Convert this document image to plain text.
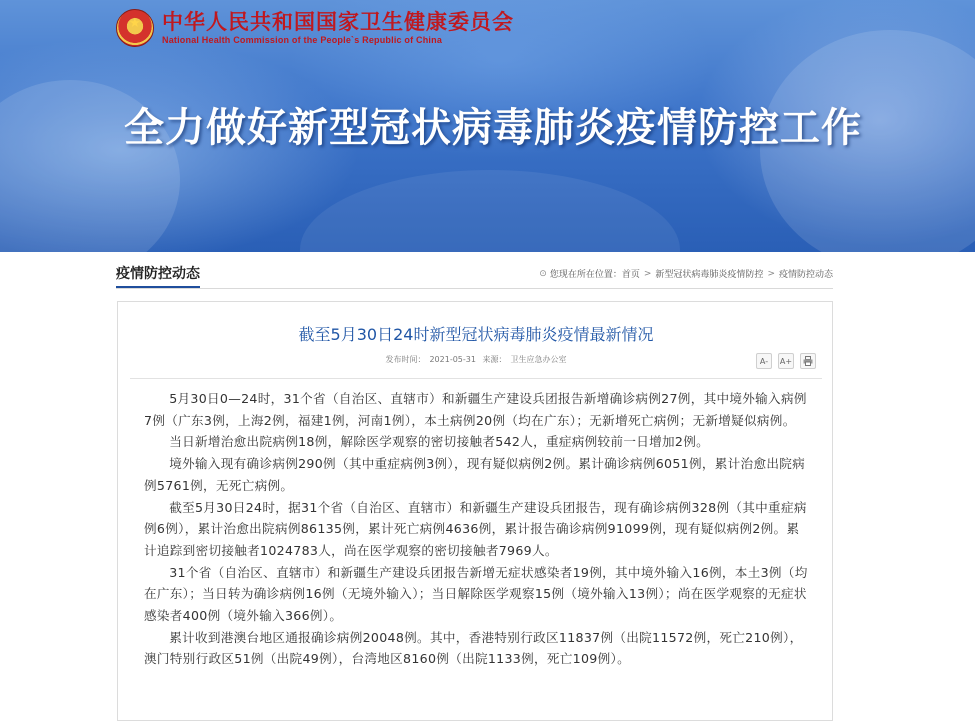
★
中华人民共和国国家卫生健康委员会
National Health Commission of the People`s Republic of China
全力做好新型冠状病毒肺炎疫情防控工作
疫情防控动态	⊙ 您现在所在位置： 首页 > 新型冠状病毒肺炎疫情防控 > 疫情防控动态
截至5月30日24时新型冠状病毒肺炎疫情最新情况
发布时间： 2021-05-31 来源： 卫生应急办公室	A-	A+

5月30日0—24时，31个省（自治区、直辖市）和新疆生产建设兵团报告新增确诊病例27例，其中境外输入病例7例（广东3例，上海2例，福建1例，河南1例），本土病例20例（均在广东）；无新增死亡病例；无新增疑似病例。

当日新增治愈出院病例18例，解除医学观察的密切接触者542人，重症病例较前一日增加2例。

境外输入现有确诊病例290例（其中重症病例3例），现有疑似病例2例。累计确诊病例6051例，累计治愈出院病例5761例，无死亡病例。

截至5月30日24时，据31个省（自治区、直辖市）和新疆生产建设兵团报告，现有确诊病例328例（其中重症病例6例），累计治愈出院病例86135例，累计死亡病例4636例，累计报告确诊病例91099例，现有疑似病例2例。累计追踪到密切接触者1024783人，尚在医学观察的密切接触者7969人。

31个省（自治区、直辖市）和新疆生产建设兵团报告新增无症状感染者19例，其中境外输入16例，本土3例（均在广东）；当日转为确诊病例16例（无境外输入）；当日解除医学观察15例（境外输入13例）；尚在医学观察的无症状感染者400例（境外输入366例）。

累计收到港澳台地区通报确诊病例20048例。其中，香港特别行政区11837例（出院11572例，死亡210例），澳门特别行政区51例（出院49例），台湾地区8160例（出院1133例，死亡109例）。
